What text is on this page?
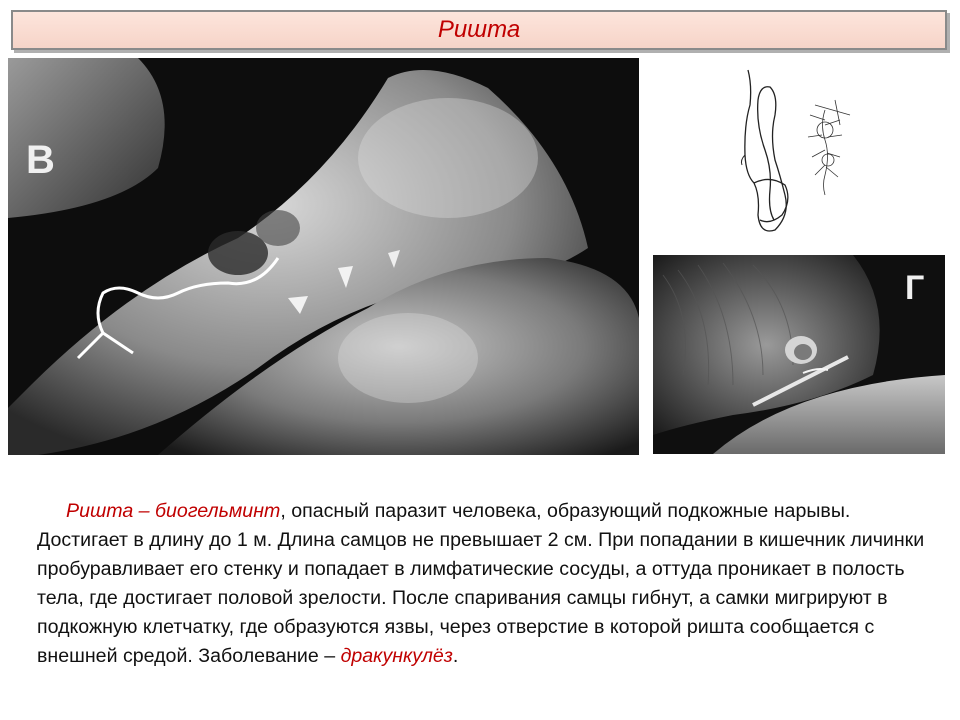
Ришта
В
Г

Ришта – биогельминт, опасный паразит человека, образующий подкожные нарывы. Достигает в длину до 1 м. Длина самцов не превышает 2 см. При попадании в кишечник личинки пробуравливает его стенку и попадает в лимфатические сосуды, а оттуда проникает в полость тела, где достигает половой зрелости. После спаривания самцы гибнут, а самки мигрируют в подкожную клетчатку, где образуются язвы, через отверстие в которой ришта сообщается с внешней средой. Заболевание – дракункулёз.
